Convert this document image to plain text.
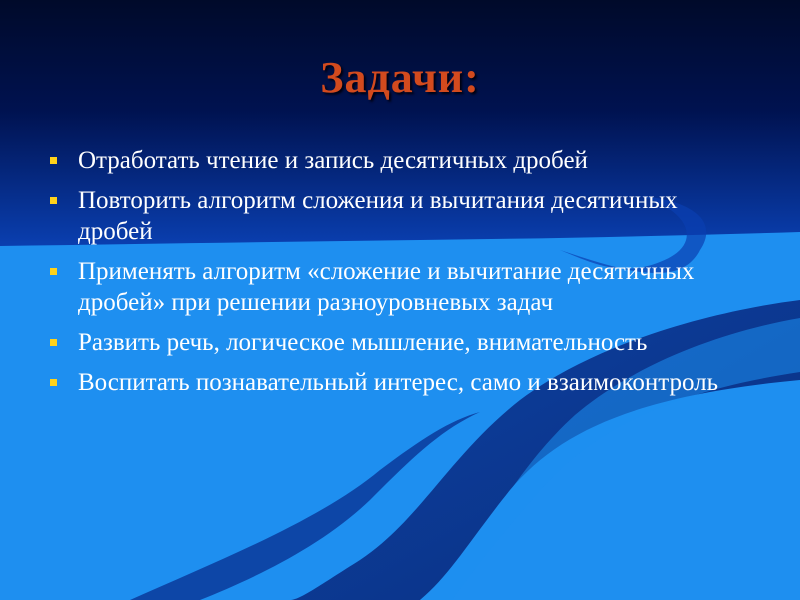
Задачи:
Отработать чтение и запись десятичных дробей
Повторить алгоритм сложения и вычитания десятичных дробей
Применять алгоритм «сложение и вычитание десятичных дробей» при решении разноуровневых задач
Развить речь, логическое мышление, внимательность
Воспитать познавательный интерес, само и взаимоконтроль
